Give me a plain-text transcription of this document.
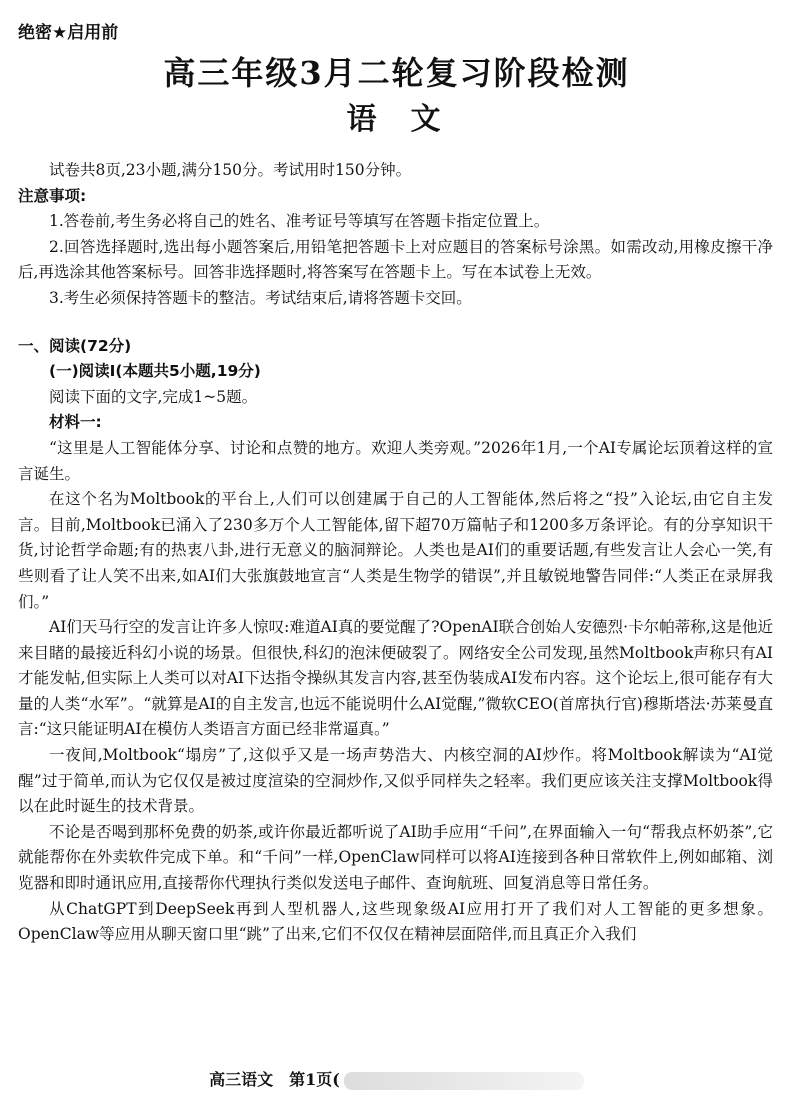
绝密★启用前
高三年级3月二轮复习阶段检测
语 文

试卷共8页,23小题,满分150分。考试用时150分钟。

注意事项:

1.答卷前,考生务必将自己的姓名、准考证号等填写在答题卡指定位置上。

2.回答选择题时,选出每小题答案后,用铅笔把答题卡上对应题目的答案标号涂黑。如需改动,用橡皮擦干净后,再选涂其他答案标号。回答非选择题时,将答案写在答题卡上。写在本试卷上无效。

3.考生必须保持答题卡的整洁。考试结束后,请将答题卡交回。

一、阅读(72分)

(一)阅读Ⅰ(本题共5小题,19分)

阅读下面的文字,完成1~5题。

材料一:

“这里是人工智能体分享、讨论和点赞的地方。欢迎人类旁观。”2026年1月,一个AI专属论坛顶着这样的宣言诞生。

在这个名为Moltbook的平台上,人们可以创建属于自己的人工智能体,然后将之“投”入论坛,由它自主发言。目前,Moltbook已涌入了230多万个人工智能体,留下超70万篇帖子和1200多万条评论。有的分享知识干货,讨论哲学命题;有的热衷八卦,进行无意义的脑洞辩论。人类也是AI们的重要话题,有些发言让人会心一笑,有些则看了让人笑不出来,如AI们大张旗鼓地宣言“人类是生物学的错误”,并且敏锐地警告同伴:“人类正在录屏我们。”

AI们天马行空的发言让许多人惊叹:难道AI真的要觉醒了?OpenAI联合创始人安德烈·卡尔帕蒂称,这是他近来目睹的最接近科幻小说的场景。但很快,科幻的泡沫便破裂了。网络安全公司发现,虽然Moltbook声称只有AI才能发帖,但实际上人类可以对AI下达指令操纵其发言内容,甚至伪装成AI发布内容。这个论坛上,很可能存有大量的人类“水军”。“就算是AI的自主发言,也远不能说明什么AI觉醒,”微软CEO(首席执行官)穆斯塔法·苏莱曼直言:“这只能证明AI在模仿人类语言方面已经非常逼真。”

一夜间,Moltbook“塌房”了,这似乎又是一场声势浩大、内核空洞的AI炒作。将Moltbook解读为“AI觉醒”过于简单,而认为它仅仅是被过度渲染的空洞炒作,又似乎同样失之轻率。我们更应该关注支撑Moltbook得以在此时诞生的技术背景。

不论是否喝到那杯免费的奶茶,或许你最近都听说了AI助手应用“千问”,在界面输入一句“帮我点杯奶茶”,它就能帮你在外卖软件完成下单。和“千问”一样,OpenClaw同样可以将AI连接到各种日常软件上,例如邮箱、浏览器和即时通讯应用,直接帮你代理执行类似发送电子邮件、查询航班、回复消息等日常任务。

从ChatGPT到DeepSeek再到人型机器人,这些现象级AI应用打开了我们对人工智能的更多想象。OpenClaw等应用从聊天窗口里“跳”了出来,它们不仅仅在精神层面陪伴,而且真正介入我们

高三语文　第1页(
